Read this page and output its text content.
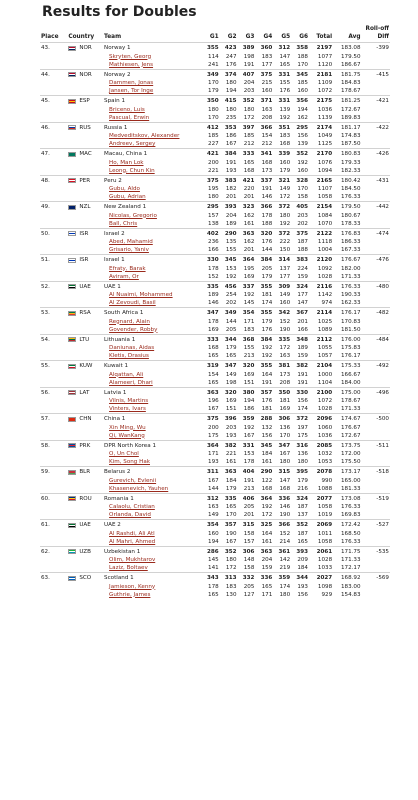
Results for Doubles
Place	Country	Team	G1	G2	G3	G4	G5	G6	Total	Avg	Roll-off
Diff

43.	NOR	Norway 1	355	423	389	360	312	358	2197	183.08	-399
		Skryten, Georg	114	247	198	183	147	188	1077	179.50	
		Mathiesen, Jens	241	176	191	177	165	170	1120	186.67	
44.	NOR	Norway 2	349	374	407	375	331	345	2181	181.75	-415
		Dammen, Jonas	170	180	204	215	155	185	1109	184.83	
		Jansen, Tor Inge	179	194	203	160	176	160	1072	178.67	
45.	ESP	Spain 1	350	415	352	371	331	356	2175	181.25	-421
		Briceno, Luis	180	180	180	163	139	194	1036	172.67	
		Pascual, Erwin	170	235	172	208	192	162	1139	189.83	
46.	RUS	Russia 1	412	353	397	366	351	295	2174	181.17	-422
		Medveditskov, Alexander	185	186	185	154	183	156	1049	174.83	
		Andreev, Sergey	227	167	212	212	168	139	1125	187.50	
47.	MAC	Macau, China 1	421	384	333	341	339	352	2170	180.83	-426
		Ho, Man Lok	200	191	165	168	160	192	1076	179.33	
		Leong, Chun Kin	221	193	168	173	179	160	1094	182.33	
48.	PER	Peru 2	375	383	421	337	321	328	2165	180.42	-431
		Gubu, Aldo	195	182	220	191	149	170	1107	184.50	
		Gubu, Adrian	180	201	201	146	172	158	1058	176.33	
49.	NZL	New Zealand 1	295	393	323	366	372	405	2154	179.50	-442
		Nicolas, Gregorio	157	204	162	178	180	203	1084	180.67	
		Ball, Chris	138	189	161	188	192	202	1070	178.33	
50.	ISR	Israel 2	402	290	363	320	372	375	2122	176.83	-474
		Abed, Mahamid	236	135	162	176	222	187	1118	186.33	
		Grisario, Yaniv	166	155	201	144	150	188	1004	167.33	
51.	ISR	Israel 1	330	345	364	384	314	383	2120	176.67	-476
		Efraty, Barak	178	153	195	205	137	224	1092	182.00	
		Aviram, Or	152	192	169	179	177	159	1028	171.33	
52.	UAE	UAE 1	335	456	337	355	309	324	2116	176.33	-480
		Al Nuaimi, Mohammed	189	254	192	181	149	177	1142	190.33	
		Al Zevoudi, Basil	146	202	145	174	160	147	974	162.33	
53.	RSA	South Africa 1	347	349	354	355	342	367	2114	176.17	-482
		Regnard, Alain	178	144	171	179	152	201	1025	170.83	
		Govender, Robby	169	205	183	176	190	166	1089	181.50	
54.	LTU	Lithuania 1	333	344	368	384	335	348	2112	176.00	-484
		Daniunas, Aidas	168	179	155	192	172	189	1055	175.83	
		Kletis, Drasius	165	165	213	192	163	159	1057	176.17	
55.	KUW	Kuwait 1	319	347	320	355	381	382	2104	175.33	-492
		Alqattan, Ali	154	149	169	164	173	191	1000	166.67	
		Alameeri, Dhari	165	198	151	191	208	191	1104	184.00	
56.	LAT	Latvia 1	363	320	380	357	350	330	2100	175.00	-496
		Vilnis, Martins	196	169	194	176	181	156	1072	178.67	
		Vinters, Ivars	167	151	186	181	169	174	1028	171.33	
57.	CHN	China 1	375	396	359	288	306	372	2096	174.67	-500
		Xin Ming, Wu	200	203	192	132	136	197	1060	176.67	
		Qi, WanKang	175	193	167	156	170	175	1036	172.67	
58.	PRK	DPR North Korea 1	364	382	331	345	347	316	2085	173.75	-511
		O, Un Chol	171	221	153	184	167	136	1032	172.00	
		Kim, Song Hak	193	161	178	161	180	180	1053	175.50	
59.	BLR	Belarus 2	311	363	404	290	315	395	2078	173.17	-518
		Gurevich, Evlenii	167	184	191	122	147	179	990	165.00	
		Khasenevich, Yauhen	144	179	213	168	168	216	1088	181.33	
60.	ROU	Romania 1	312	335	406	364	336	324	2077	173.08	-519
		Calaolu, Cristian	163	165	205	192	146	187	1058	176.33	
		Orlanda, David	149	170	201	172	190	137	1019	169.83	
61.	UAE	UAE 2	354	357	315	325	366	352	2069	172.42	-527
		Al Rashdi, Ali Atl	160	190	158	164	152	187	1011	168.50	
		Al Mahri, Ahmed	194	167	157	161	214	165	1058	176.33	
62.	UZB	Uzbekistan 1	286	352	306	363	361	393	2061	171.75	-535
		Olim, Mukhtarov	145	180	148	204	142	209	1028	171.33	
		Laziz, Boltaev	141	172	158	159	219	184	1033	172.17	
63.	SCO	Scotland 1	343	313	332	336	359	344	2027	168.92	-569
		Jamieson, Kenny	178	183	205	165	174	193	1098	183.00	
		Guthrie, James	165	130	127	171	180	156	929	154.83	
